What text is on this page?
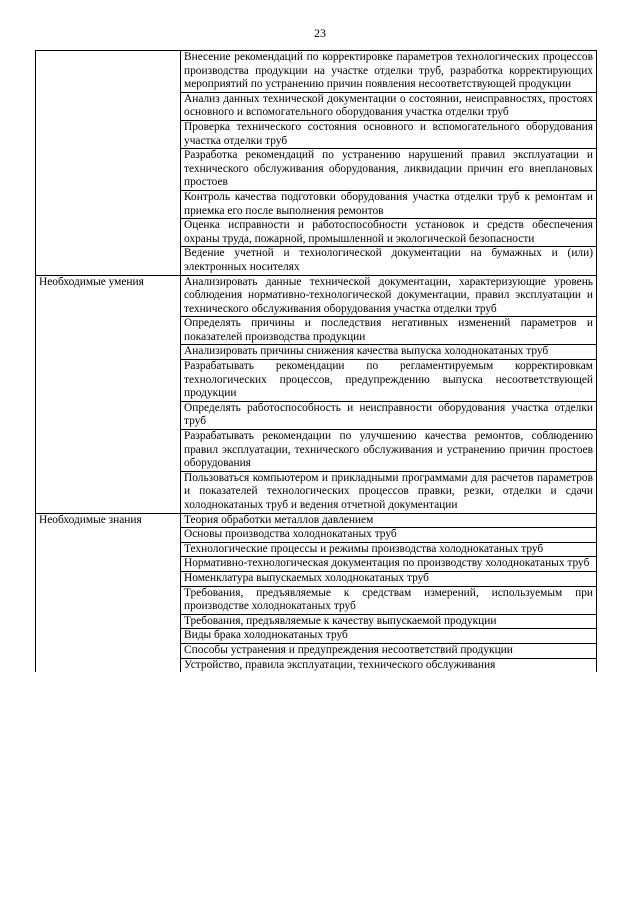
23

	Внесение рекомендаций по корректировке параметров технологических процессов производства продукции на участке отделки труб, разработка корректирующих мероприятий по устранению причин появления несоответствующей продукции

	Анализ данных технической документации о состоянии, неисправностях, простоях основного и вспомогательного оборудования участка отделки труб

	Проверка технического состояния основного и вспомогательного оборудования участка отделки труб

	Разработка рекомендаций по устранению нарушений правил эксплуатации и технического обслуживания оборудования, ликвидации причин его внеплановых простоев

	Контроль качества подготовки оборудования участка отделки труб к ремонтам и приемка его после выполнения ремонтов

	Оценка исправности и работоспособности установок и средств обеспечения охраны труда, пожарной, промышленной и экологической безопасности

	Ведение учетной и технологической документации на бумажных и (или) электронных носителях

Необходимые умения	Анализировать данные технической документации, характеризующие уровень соблюдения нормативно-технологической документации, правил эксплуатации и технического обслуживания оборудования участка отделки труб

	Определять причины и последствия негативных изменений параметров и показателей производства продукции

	Анализировать причины снижения качества выпуска холоднокатаных труб

	Разрабатывать рекомендации по регламентируемым корректировкам технологических процессов, предупреждению выпуска несоответствующей продукции

	Определять работоспособность и неисправности оборудования участка отделки труб

	Разрабатывать рекомендации по улучшению качества ремонтов, соблюдению правил эксплуатации, технического обслуживания и устранению причин простоев оборудования

	Пользоваться компьютером и прикладными программами для расчетов параметров и показателей технологических процессов правки, резки, отделки и сдачи холоднокатаных труб и ведения отчетной документации

Необходимые знания	Теория обработки металлов давлением

	Основы производства холоднокатаных труб

	Технологические процессы и режимы производства холоднокатаных труб

	Нормативно-технологическая документация по производству холоднокатаных труб

	Номенклатура выпускаемых холоднокатаных труб

	Требования, предъявляемые к средствам измерений, используемым при производстве холоднокатаных труб

	Требования, предъявляемые к качеству выпускаемой продукции

	Виды брака холоднокатаных труб

	Способы устранения и предупреждения несоответствий продукции

	Устройство, правила эксплуатации, технического обслуживания
